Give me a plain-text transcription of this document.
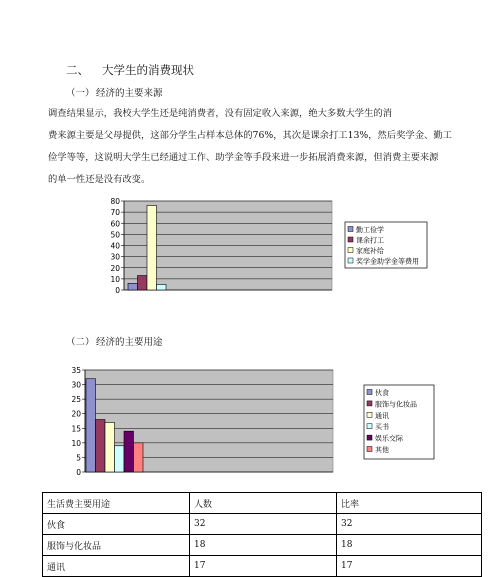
二、 大学生的消费现状
（一）经济的主要来源
调查结果显示，我校大学生还是纯消费者，没有固定收入来源，绝大多数大学生的消
费来源主要是父母提供，这部分学生占样本总体的76%，其次是课余打工13%，然后奖学金、勤工
俭学等等，这说明大学生已经通过工作、助学金等手段来进一步拓展消费来源，但消费主要来源
的单一性还是没有改变。
0
10
20
30
40
50
60
70
80
勤工俭学
课余打工
家庭补给
奖学金助学金等费用
0
5
10
15
20
25
30
35
伙食
服饰与化妆品
通讯
买书
娱乐交际
其他
（二）经济的主要用途
生活费主要用途	人数	比率
伙食	32	32
服饰与化妆品	18	18
通讯	17	17
